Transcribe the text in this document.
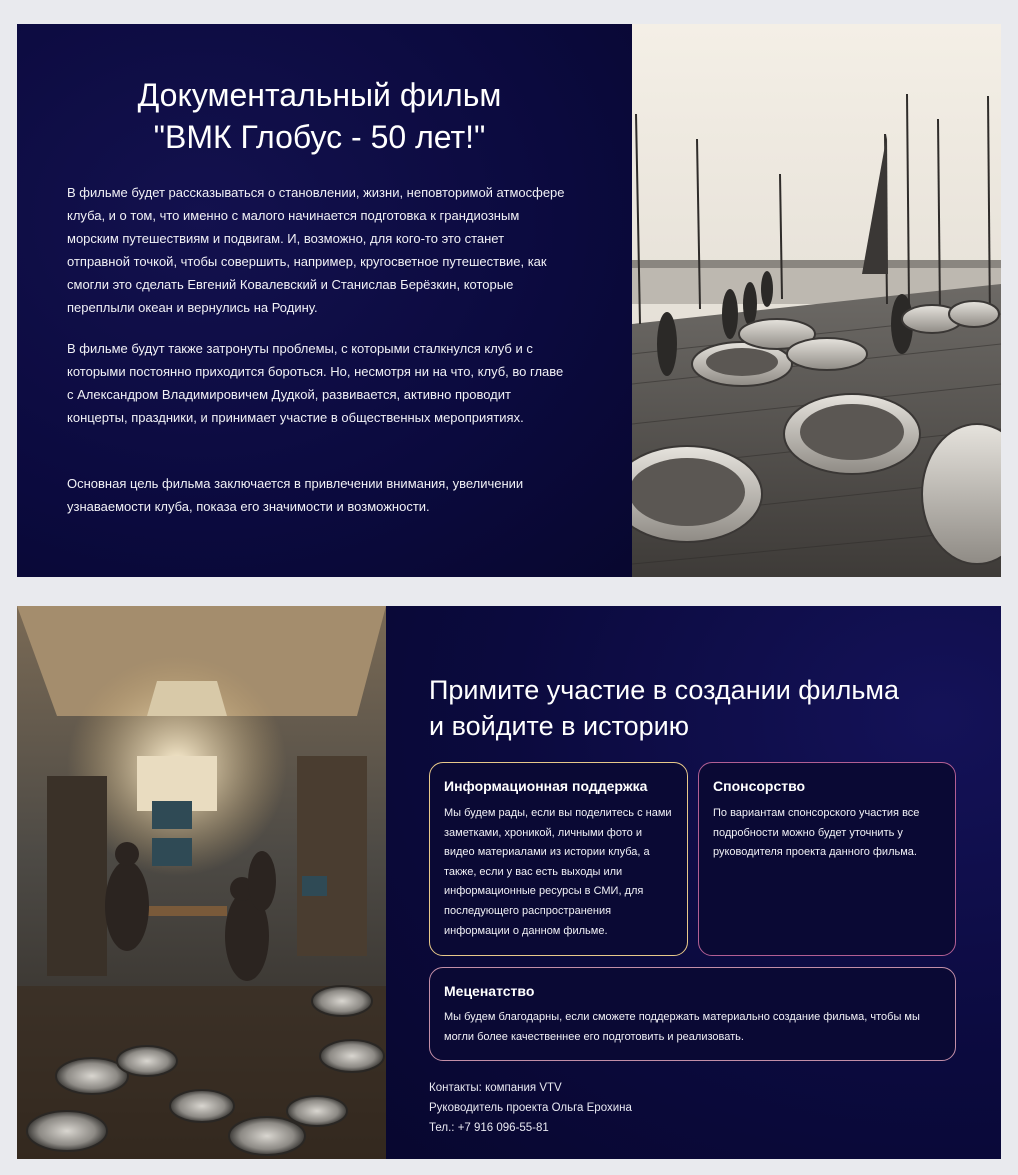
Документальный фильм
"ВМК Глобус - 50 лет!"

В фильме будет рассказываться о становлении, жизни, неповторимой атмосфере клуба, и о том, что именно с малого начинается подготовка к грандиозным морским путешествиям и подвигам. И, возможно, для кого-то это станет отправной точкой, чтобы совершить, например, кругосветное путешествие, как смогли это сделать Евгений Ковалевский и Станислав Берёзкин, которые переплыли океан и вернулись на Родину.

В фильме будут также затронуты проблемы, с которыми сталкнулся клуб и с которыми постоянно приходится бороться. Но, несмотря ни на что, клуб, во главе с Александром Владимировичем Дудкой, развивается, активно проводит концерты, праздники, и принимает участие в общественных мероприятиях.

Основная цель фильма заключается в привлечении внимания, увеличении узнаваемости клуба, показа его значимости и возможности.

Примите участие в создании фильма
и войдите в историю
Информационная поддержка

Мы будем рады, если вы поделитесь с нами заметками, хроникой, личными фото и видео материалами из истории клуба, а также, если у вас есть выходы или информационные ресурсы в СМИ, для последующего распространения информации о данном фильме.

Спонсорство

По вариантам спонсорского участия все подробности можно будет уточнить у руководителя проекта данного фильма.

Меценатство

Мы будем благодарны, если сможете поддержать материально создание фильма, чтобы мы могли более качественнее его подготовить и реализовать.

Контакты: компания VTV
Руководитель проекта Ольга Ерохина
Тел.: +7 916 096-55-81
